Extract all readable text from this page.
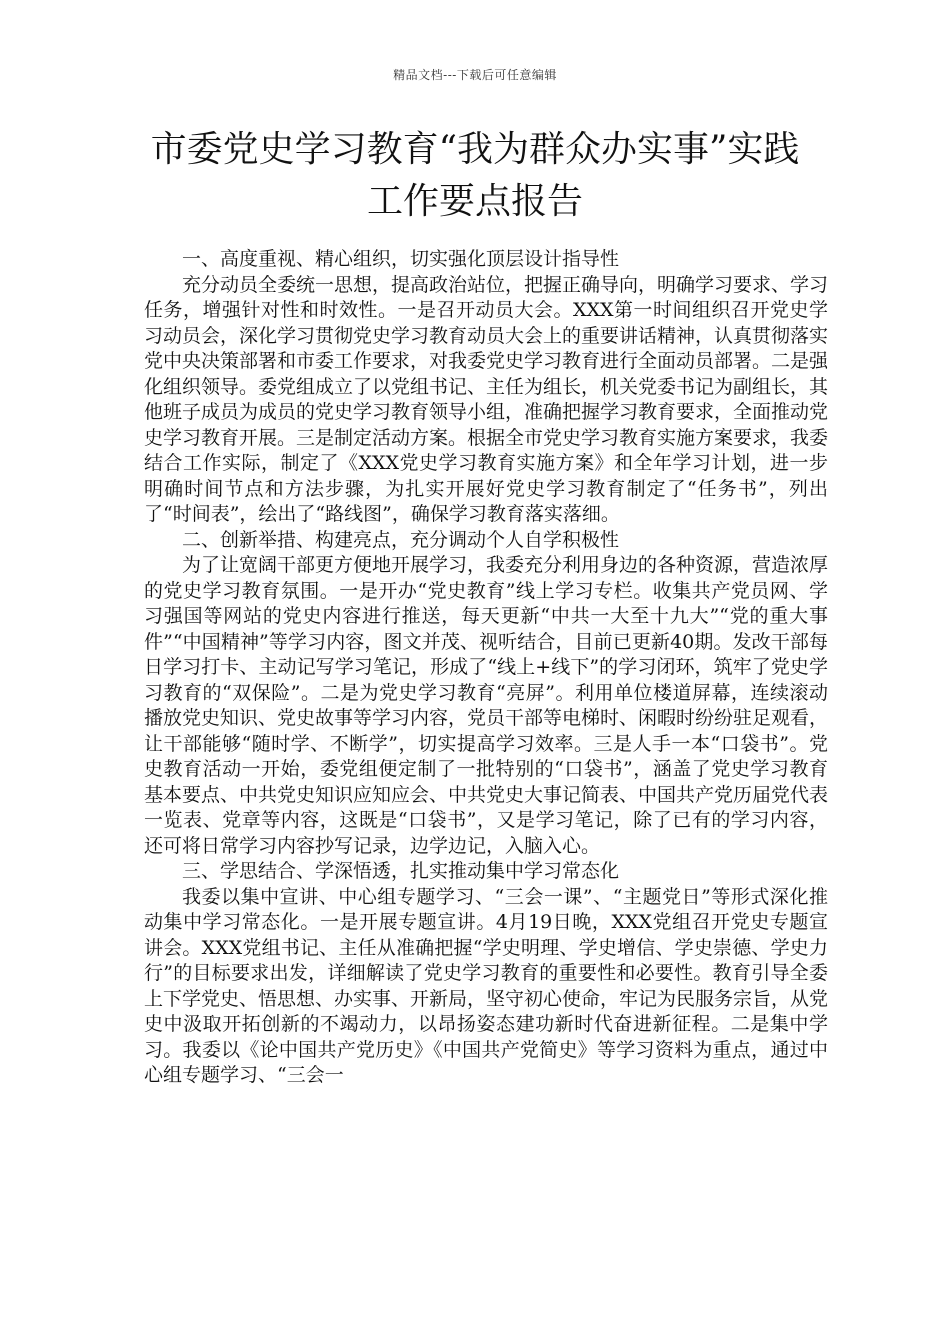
精品文档---下载后可任意编辑
市委党史学习教育“我为群众办实事”实践工作要点报告

一、高度重视、精心组织，切实强化顶层设计指导性

充分动员全委统一思想，提高政治站位，把握正确导向，明确学习要求、学习任务，增强针对性和时效性。一是召开动员大会。XXX第一时间组织召开党史学习动员会，深化学习贯彻党史学习教育动员大会上的重要讲话精神，认真贯彻落实党中央决策部署和市委工作要求，对我委党史学习教育进行全面动员部署。二是强化组织领导。委党组成立了以党组书记、主任为组长，机关党委书记为副组长，其他班子成员为成员的党史学习教育领导小组，准确把握学习教育要求，全面推动党史学习教育开展。三是制定活动方案。根据全市党史学习教育实施方案要求，我委结合工作实际，制定了《XXX党史学习教育实施方案》和全年学习计划，进一步明确时间节点和方法步骤，为扎实开展好党史学习教育制定了“任务书”，列出了“时间表”，绘出了“路线图”，确保学习教育落实落细。

二、创新举措、构建亮点，充分调动个人自学积极性

为了让宽阔干部更方便地开展学习，我委充分利用身边的各种资源，营造浓厚的党史学习教育氛围。一是开办“党史教育”线上学习专栏。收集共产党员网、学习强国等网站的党史内容进行推送，每天更新“中共一大至十九大”“党的重大事件”“中国精神”等学习内容，图文并茂、视听结合，目前已更新40期。发改干部每日学习打卡、主动记写学习笔记，形成了“线上+线下”的学习闭环，筑牢了党史学习教育的“双保险”。二是为党史学习教育“亮屏”。利用单位楼道屏幕，连续滚动播放党史知识、党史故事等学习内容，党员干部等电梯时、闲暇时纷纷驻足观看，让干部能够“随时学、不断学”，切实提高学习效率。三是人手一本“口袋书”。党史教育活动一开始，委党组便定制了一批特别的“口袋书”，涵盖了党史学习教育基本要点、中共党史知识应知应会、中共党史大事记简表、中国共产党历届党代表一览表、党章等内容，这既是“口袋书”，又是学习笔记，除了已有的学习内容，还可将日常学习内容抄写记录，边学边记，入脑入心。

三、学思结合、学深悟透，扎实推动集中学习常态化

我委以集中宣讲、中心组专题学习、“三会一课”、“主题党日”等形式深化推动集中学习常态化。一是开展专题宣讲。4月19日晚，XXX党组召开党史专题宣讲会。XXX党组书记、主任从准确把握“学史明理、学史增信、学史崇德、学史力行”的目标要求出发，详细解读了党史学习教育的重要性和必要性。教育引导全委上下学党史、悟思想、办实事、开新局，坚守初心使命，牢记为民服务宗旨，从党史中汲取开拓创新的不竭动力，以昂扬姿态建功新时代奋进新征程。二是集中学习。我委以《论中国共产党历史》《中国共产党简史》等学习资料为重点，通过中心组专题学习、“三会一
